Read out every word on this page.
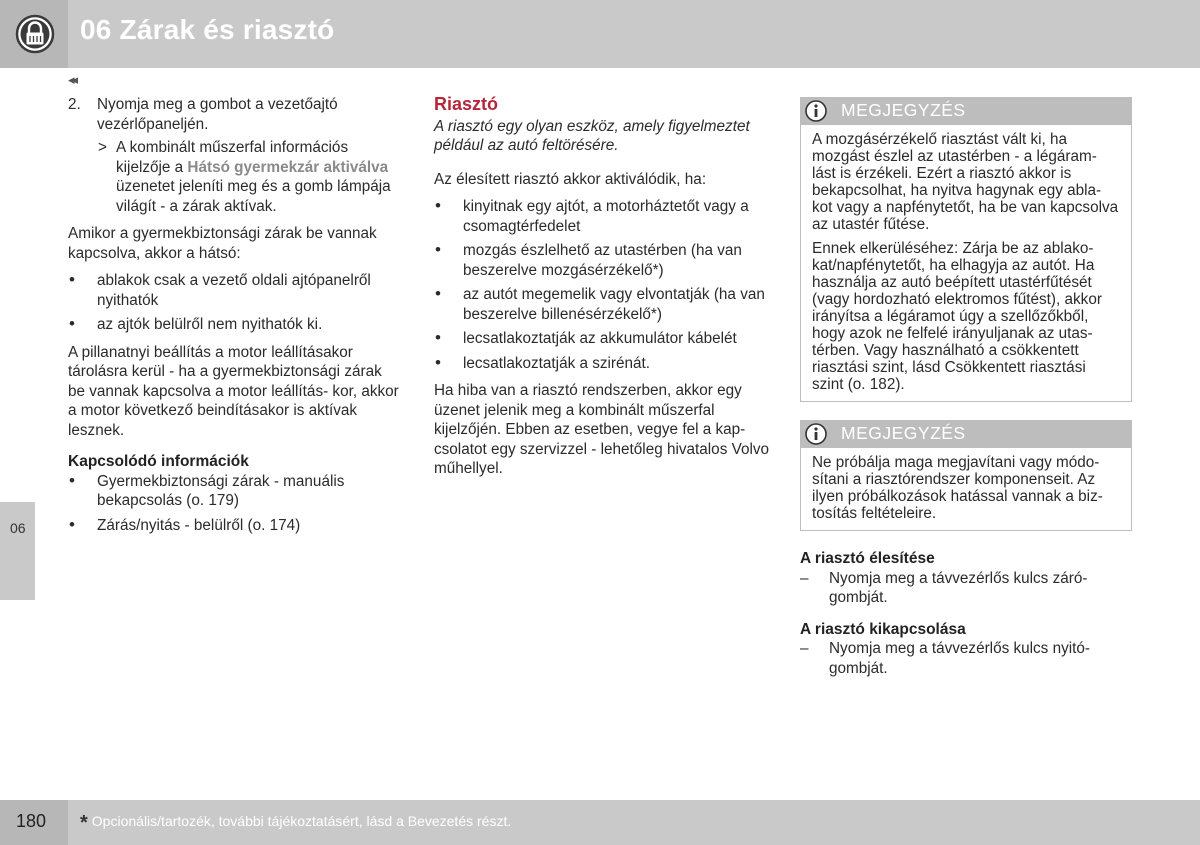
06 Zárak és riasztó
◂◂
06
2. Nyomja meg a gombot a vezetőajtó vezérlőpaneljén.
> A kombinált műszerfal információs kijelzője a Hátsó gyermekzár aktiválva üzenetet jeleníti meg és a gomb lámpája világít - a zárak aktívak.

Amikor a gyermekbiztonsági zárak be vannak kapcsolva, akkor a hátsó:

• ablakok csak a vezető oldali ajtópanelről nyithatók
• az ajtók belülről nem nyithatók ki.

A pillanatnyi beállítás a motor leállításakor tárolásra kerül - ha a gyermekbiztonsági zárak be vannak kapcsolva a motor leállítás- kor, akkor a motor következő beindításakor is aktívak lesznek.

Kapcsolódó információk
• Gyermekbiztonsági zárak - manuális bekapcsolás (o. 179)
• Zárás/nyitás - belülről (o. 174)
Riasztó

A riasztó egy olyan eszköz, amely figyelmeztet például az autó feltörésére.

Az élesített riasztó akkor aktiválódik, ha:

• kinyitnak egy ajtót, a motorháztetőt vagy a csomagtérfedelet
• mozgás észlelhető az utastérben (ha van beszerelve mozgásérzékelő*)
• az autót megemelik vagy elvontatják (ha van beszerelve billenésérzékelő*)
• lecsatlakoztatják az akkumulátor kábelét
• lecsatlakoztatják a szirénát.

Ha hiba van a riasztó rendszerben, akkor egy üzenet jelenik meg a kombinált műszerfal kijelzőjén. Ebben az esetben, vegye fel a kap- csolatot egy szervizzel - lehetőleg hivatalos Volvo műhellyel.

MEGJEGYZÉS

A mozgásérzékelő riasztást vált ki, ha mozgást észlel az utastérben - a légáram- lást is érzékeli. Ezért a riasztó akkor is bekapcsolhat, ha nyitva hagynak egy abla- kot vagy a napfénytetőt, ha be van kapcsolva az utastér fűtése.

Ennek elkerüléséhez: Zárja be az ablako- kat/napfénytetőt, ha elhagyja az autót. Ha használja az autó beépített utastérfűtését (vagy hordozható elektromos fűtést), akkor irányítsa a légáramot úgy a szellőzőkből, hogy azok ne felfelé irányuljanak az utas- térben. Vagy használható a csökkentett riasztási szint, lásd Csökkentett riasztási szint (o. 182).

MEGJEGYZÉS

Ne próbálja maga megjavítani vagy módo- sítani a riasztórendszer komponenseit. Az ilyen próbálkozások hatással vannak a biz- tosítás feltételeire.

A riasztó élesítése
– Nyomja meg a távvezérlős kulcs záró- gombját.
A riasztó kikapcsolása
– Nyomja meg a távvezérlős kulcs nyitó- gombját.
180 * Opcionális/tartozék, további tájékoztatásért, lásd a Bevezetés részt.
